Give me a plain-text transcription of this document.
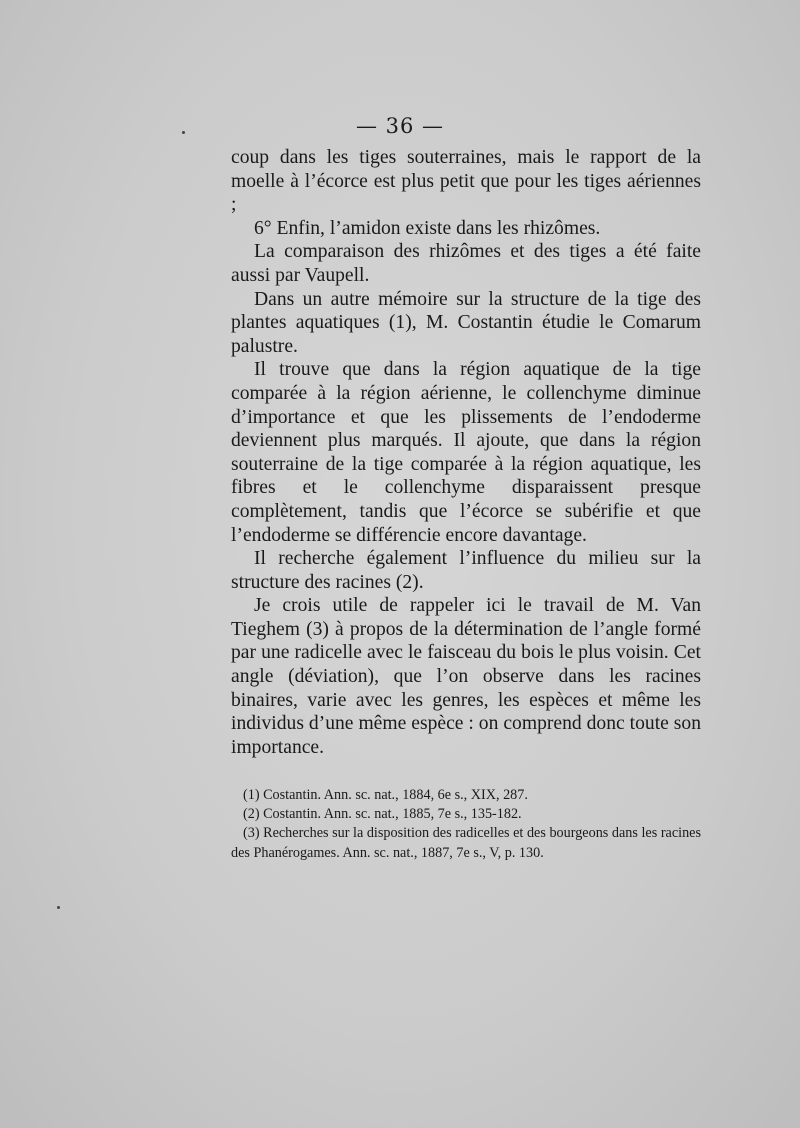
— 36 —

coup dans les tiges souterraines, mais le rapport de la moelle à l’écorce est plus petit que pour les tiges aériennes ;

6° Enfin, l’amidon existe dans les rhizômes.

La comparaison des rhizômes et des tiges a été faite aussi par Vaupell.

Dans un autre mémoire sur la structure de la tige des plantes aquatiques (1), M. Costantin étudie le Comarum palustre.

Il trouve que dans la région aquatique de la tige comparée à la région aérienne, le collenchyme diminue d’importance et que les plissements de l’endoderme deviennent plus marqués. Il ajoute, que dans la région souterraine de la tige comparée à la région aquatique, les fibres et le collenchyme disparaissent presque complètement, tandis que l’écorce se subérifie et que l’endoderme se différencie encore davantage.

Il recherche également l’influence du milieu sur la structure des racines (2).

Je crois utile de rappeler ici le travail de M. Van Tieghem (3) à propos de la détermination de l’angle formé par une radicelle avec le faisceau du bois le plus voisin. Cet angle (déviation), que l’on observe dans les racines binaires, varie avec les genres, les espèces et même les individus d’une même espèce : on comprend donc toute son importance.

(1) Costantin. Ann. sc. nat., 1884, 6e s., XIX, 287.

(2) Costantin. Ann. sc. nat., 1885, 7e s., 135-182.

(3) Recherches sur la disposition des radicelles et des bourgeons dans les racines des Phanérogames. Ann. sc. nat., 1887, 7e s., V, p. 130.
